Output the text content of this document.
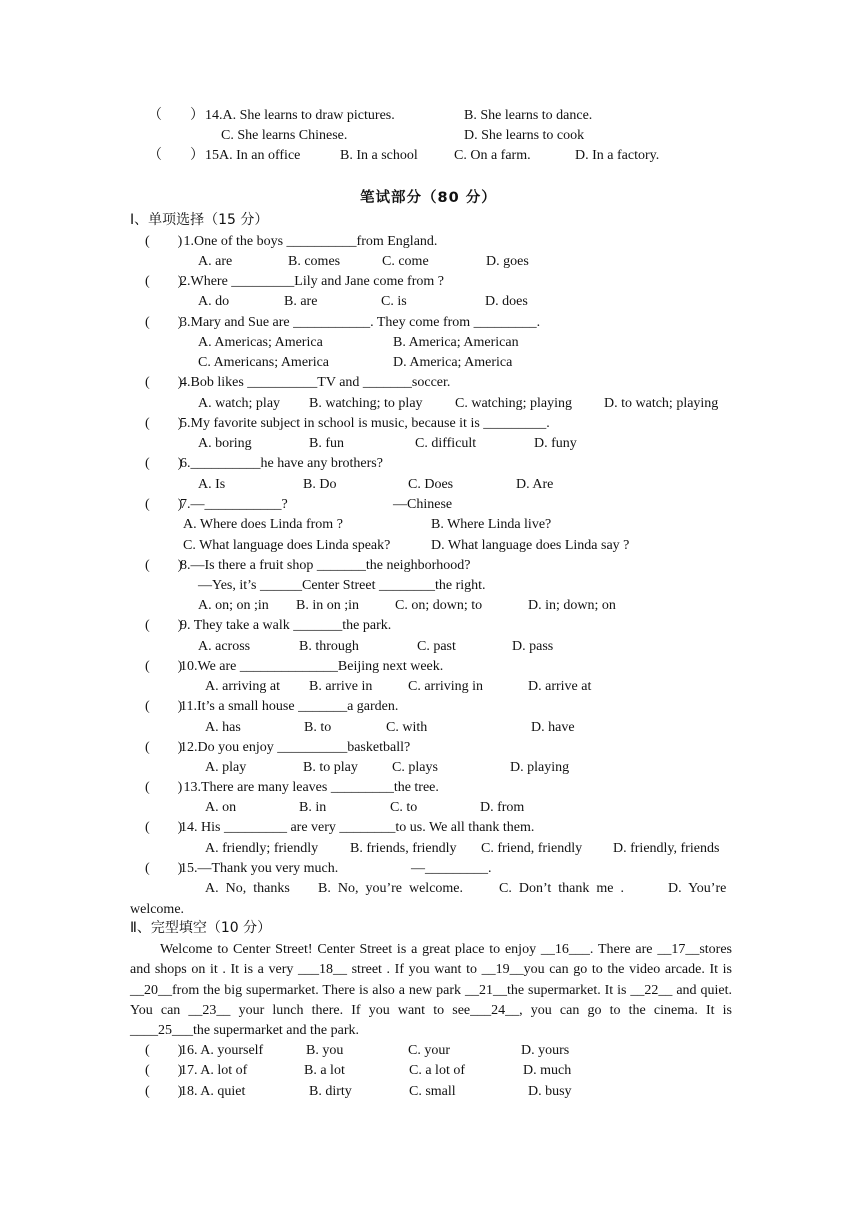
（　　） 14.A. She learns to draw pictures.	B. She learns to dance.
C. She learns Chinese.	D. She learns to cook
（　　） 15A. In an office	B. In a school	C. On a farm.	D. In a factory.
笔试部分（80 分）
Ⅰ、单项选择（15 分）
(　　)
1.One of the boys __________from England.
A. are	B. comes	C. come	D. goes
(　　)
2.Where _________Lily and Jane come from ?
A. do	B. are	C. is	D. does
(　　)
3.Mary and Sue are ___________. They come from _________.
A. Americas; America	B. America; American
C. Americans; America	D. America; America
(　　)
4.Bob likes __________TV and _______soccer.
A. watch; play B. watching; to play C. watching; playing D. to watch; playing
(　　)
5.My favorite subject in school is music, because it is _________.
A. boring	B. fun	C. difficult	D. funy
(　　)
6.__________he have any brothers?
A. Is	B. Do	C. Does	D. Are
(　　)
7.—___________?	—Chinese
A. Where does Linda from ?	B. Where Linda live?
C. What language does Linda speak?	D. What language does Linda say ?
(　　)
8.—Is there a fruit shop _______the neighborhood?
—Yes, it’s ______Center Street ________the right.
A. on; on ;in B. in on ;in	C. on; down; to	D. in; down; on
(　　)
9. They take a walk _______the park.
A. across	B. through	C. past	D. pass
(　　)
10.We are ______________Beijing next week.
A. arriving at B. arrive in	C. arriving in	D. arrive at
(　　)
11.It’s a small house _______a garden.
A. has	B. to	C. with	D. have
(　　)
12.Do you enjoy __________basketball?
A. play	B. to play C. plays	D. playing
(　　)
13.There are many leaves _________the tree.
A. on	B. in	C. to	D. from
(　　)
14. His _________ are very ________to us. We all thank them.
A. friendly; friendly B. friends, friendly C. friend, friendly D. friendly, friends
(　　)
15.—Thank you very much.	—_________.
A.  No,  thanks B.  No,  you’re  welcome.	C.  Don’t  thank  me  .	D.  You’re
welcome.
Ⅱ、完型填空（10 分）
Welcome to Center Street! Center Street is a great place to enjoy __16___. There are __17__stores and shops on it . It is a very ___18__ street . If you want to __19__you can go to the video arcade. It is __20__from the big supermarket. There is also a new park __21__the supermarket. It is __22__ and quiet. You can __23__ your lunch there. If you want to see___24__, you can go to the cinema. It is ____25___the supermarket and the park.
(　　)
16. A. yourself	B. you	C. your	D. yours
(　　)
17. A. lot of	B. a lot	C. a lot of	D. much
(　　)
18. A. quiet	B. dirty	C. small	D. busy
